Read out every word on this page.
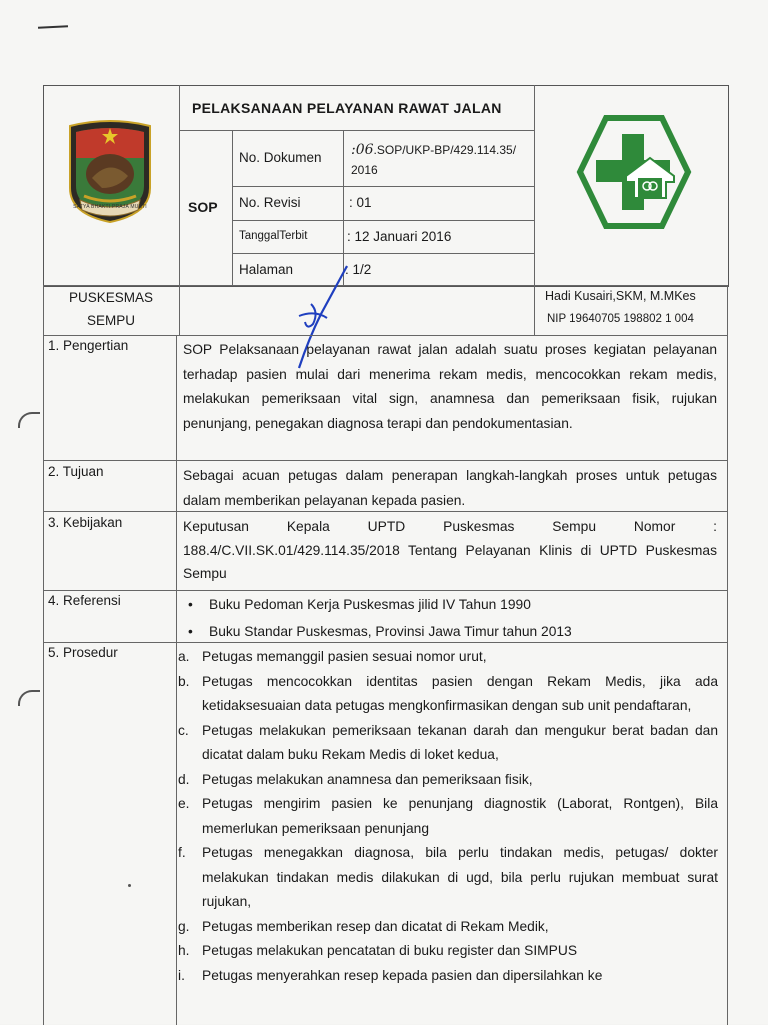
SATYA BHAKTI PRAJA MUKTI
PELAKSANAAN PELAYANAN RAWAT JALAN
SOP
No. Dokumen :06.SOP/UKP-BP/429.114.35/
2016
No. Revisi	: 01
TanggalTerbit	: 12 Januari 2016
Halaman	: 1/2
PUSKESMAS
SEMPU
Hadi Kusairi,SKM, M.MKes
NIP 19640705 198802 1 004
1. Pengertian	SOP Pelaksanaan pelayanan rawat jalan adalah suatu proses kegiatan pelayanan terhadap pasien mulai dari menerima rekam medis, mencocokkan rekam medis, melakukan pemeriksaan vital sign, anamnesa dan pemeriksaan fisik, rujukan penunjang, penegakan diagnosa terapi dan pendokumentasian.
2. Tujuan	Sebagai acuan petugas dalam penerapan langkah-langkah proses untuk petugas dalam memberikan pelayanan kepada pasien.
3. Kebijakan	Keputusan Kepala UPTD Puskesmas Sempu Nomor : 188.4/C.VII.SK.01/429.114.35/2018 Tentang Pelayanan Klinis di UPTD Puskesmas Sempu
4. Referensi
•	Buku Pedoman Kerja Puskesmas jilid IV Tahun 1990
• Buku Standar Puskesmas, Provinsi Jawa Timur tahun 2013
5. Prosedur	a. Petugas memanggil pasien sesuai nomor urut,
b. Petugas mencocokkan identitas pasien dengan Rekam Medis, jika ada ketidaksesuaian data petugas mengkonfirmasikan dengan sub unit pendaftaran,
c. Petugas melakukan pemeriksaan tekanan darah dan mengukur berat badan dan dicatat dalam buku Rekam Medis di loket kedua,
d. Petugas melakukan anamnesa dan pemeriksaan fisik,
e. Petugas mengirim pasien ke penunjang diagnostik (Laborat, Rontgen), Bila memerlukan pemeriksaan penunjang
f. Petugas menegakkan diagnosa, bila perlu tindakan medis, petugas/ dokter melakukan tindakan medis dilakukan di ugd, bila perlu rujukan membuat surat rujukan,
g. Petugas memberikan resep dan dicatat di Rekam Medik,
h. Petugas melakukan pencatatan di buku register dan SIMPUS
i. Petugas menyerahkan resep kepada pasien dan dipersilahkan ke
